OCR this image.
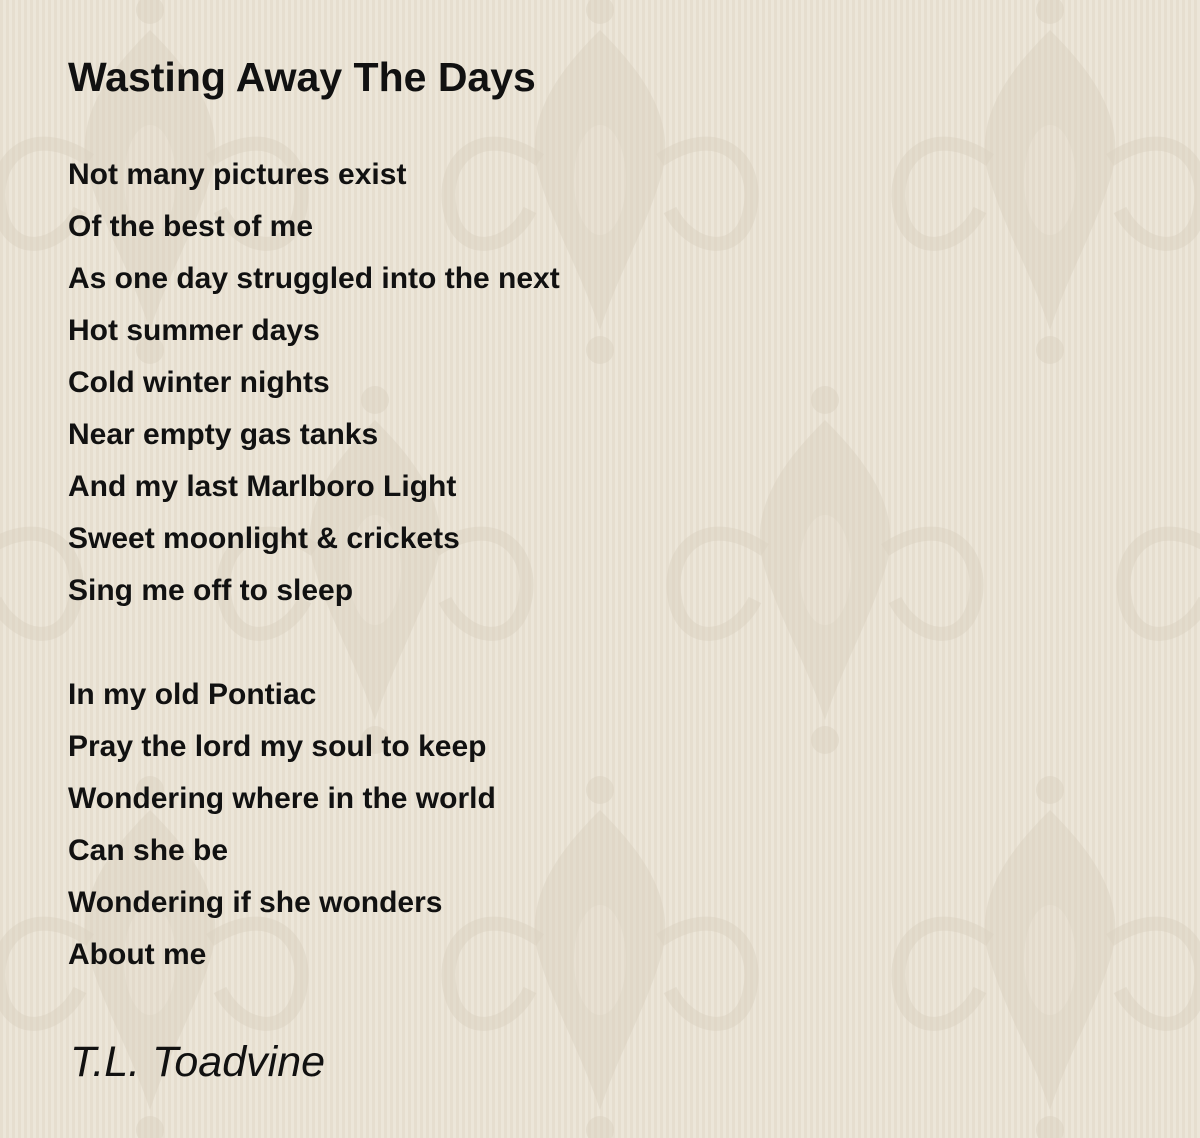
Wasting Away The Days
Not many pictures exist
Of the best of me
As one day struggled into the next
Hot summer days
Cold winter nights
Near empty gas tanks
And my last Marlboro Light
Sweet moonlight & crickets
Sing me off to sleep
In my old Pontiac
Pray the lord my soul to keep
Wondering where in the world
Can she be
Wondering if she wonders
About me

T.L. Toadvine
